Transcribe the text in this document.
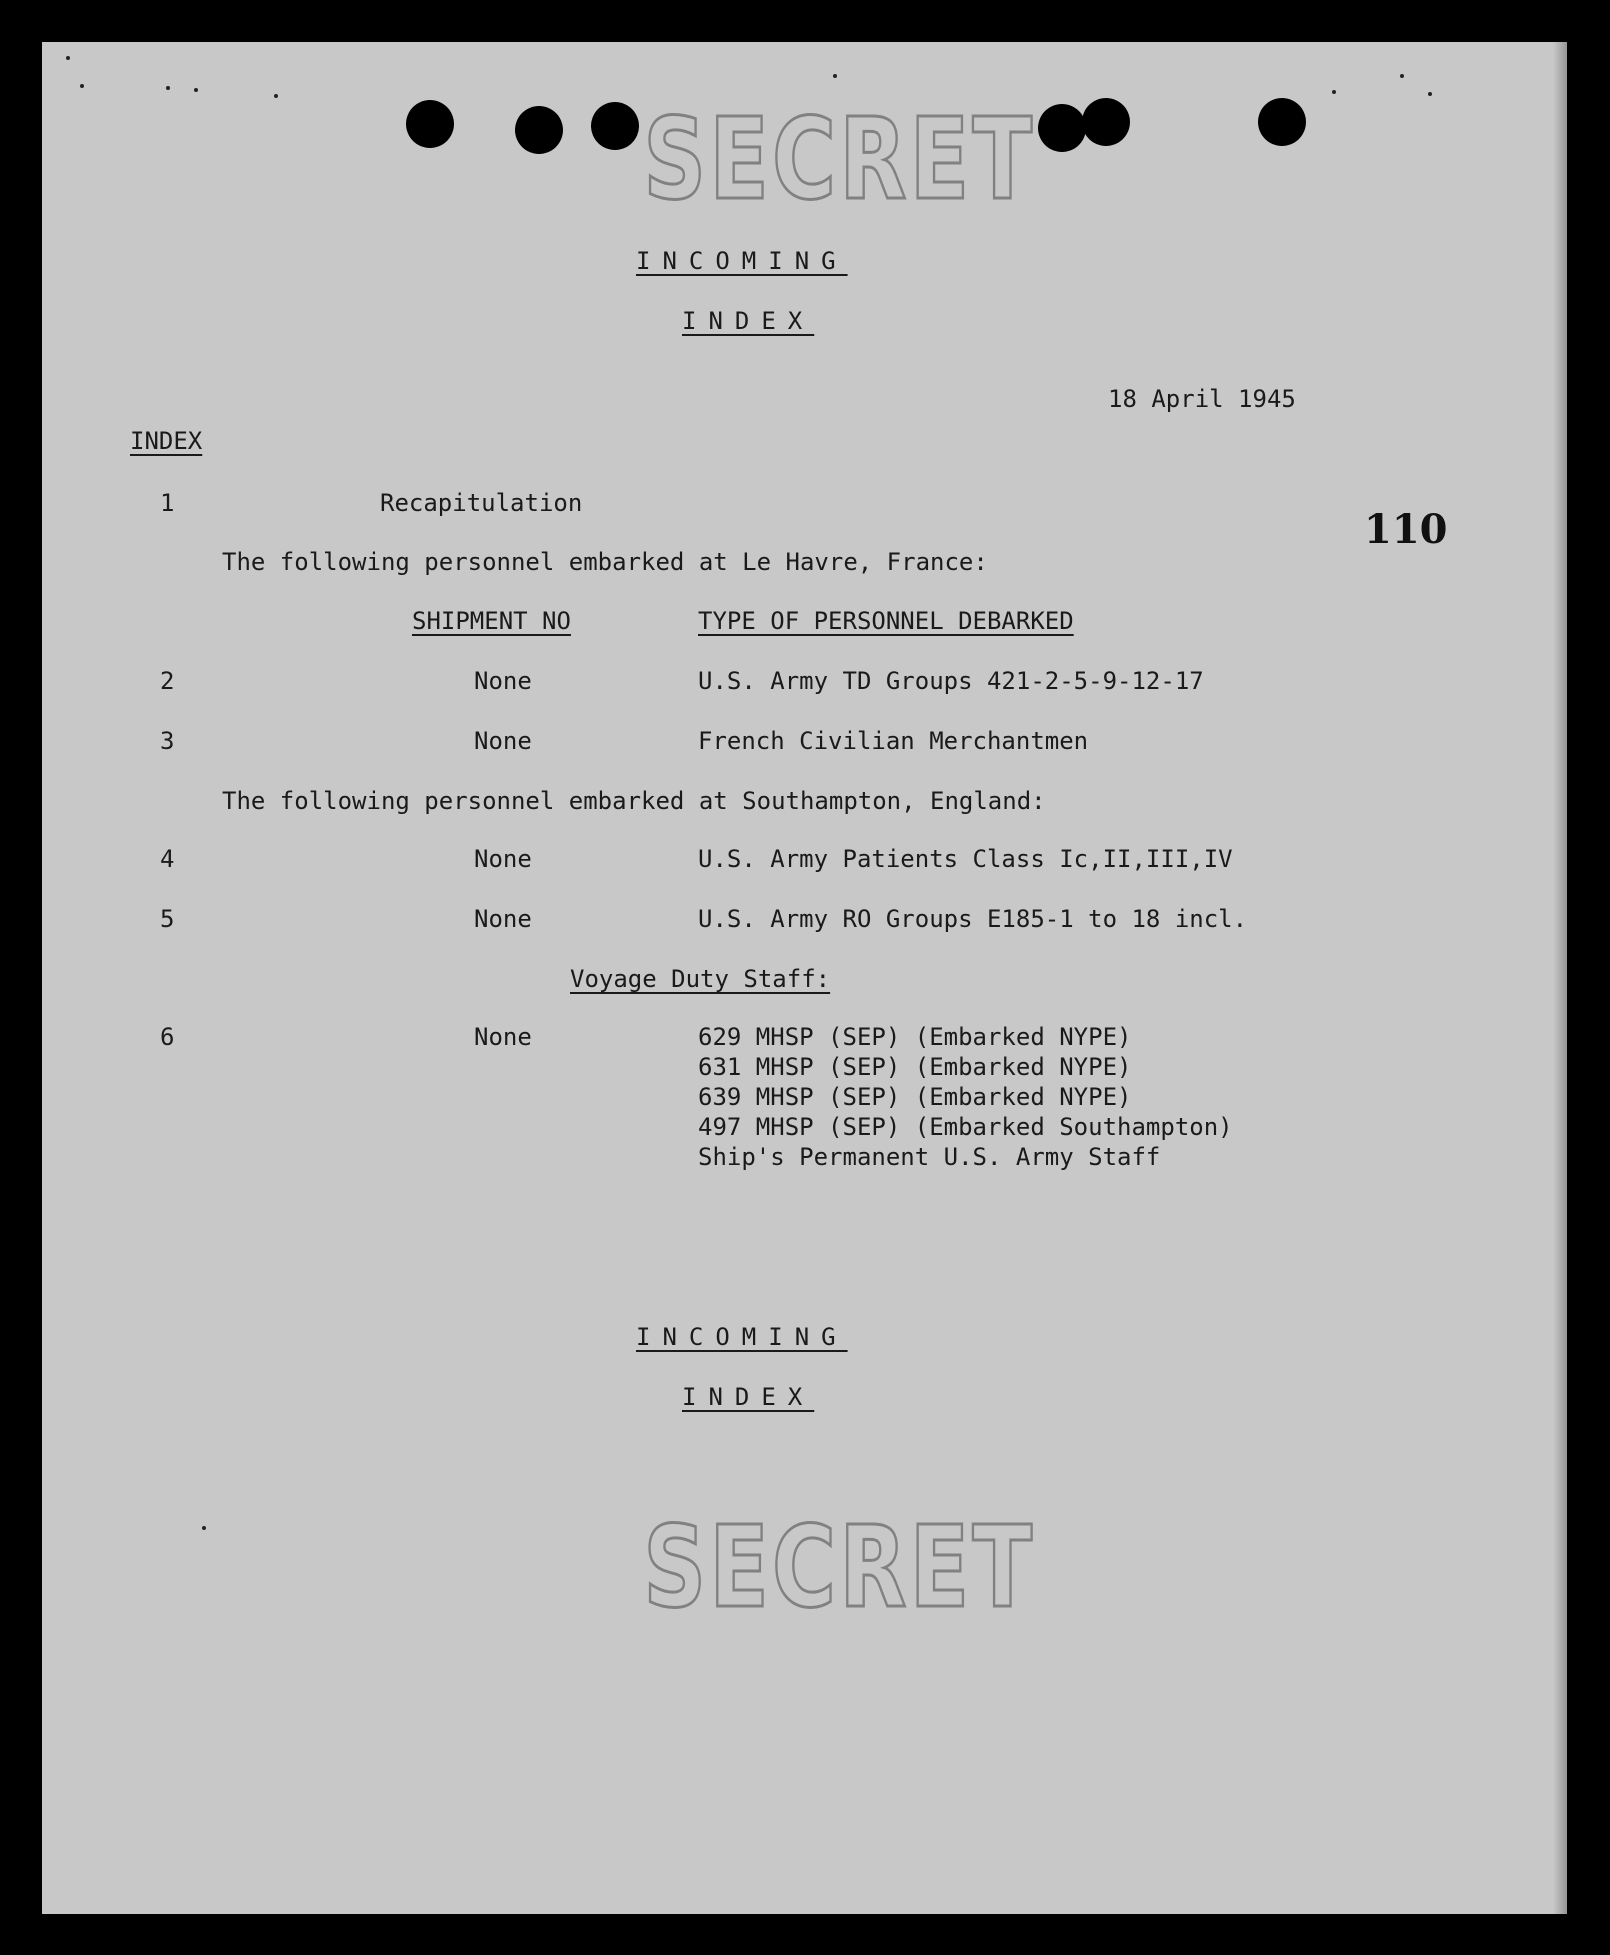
SECRET
INCOMING
INDEX
18 April 1945
110
INDEX
1	Recapitulation
The following personnel embarked at Le Havre, France:
SHIPMENT NO	TYPE OF PERSONNEL DEBARKED
2	None	U.S. Army TD Groups 421-2-5-9-12-17
3	None	French Civilian Merchantmen
The following personnel embarked at Southampton, England:
4	None	U.S. Army Patients Class Ic,II,III,IV
5	None	U.S. Army RO Groups E185-1 to 18 incl.
Voyage Duty Staff:
6	None	629 MHSP (SEP) (Embarked NYPE)
631 MHSP (SEP) (Embarked NYPE)
639 MHSP (SEP) (Embarked NYPE)
497 MHSP (SEP) (Embarked Southampton)
Ship's Permanent U.S. Army Staff
INCOMING
INDEX
SECRET
